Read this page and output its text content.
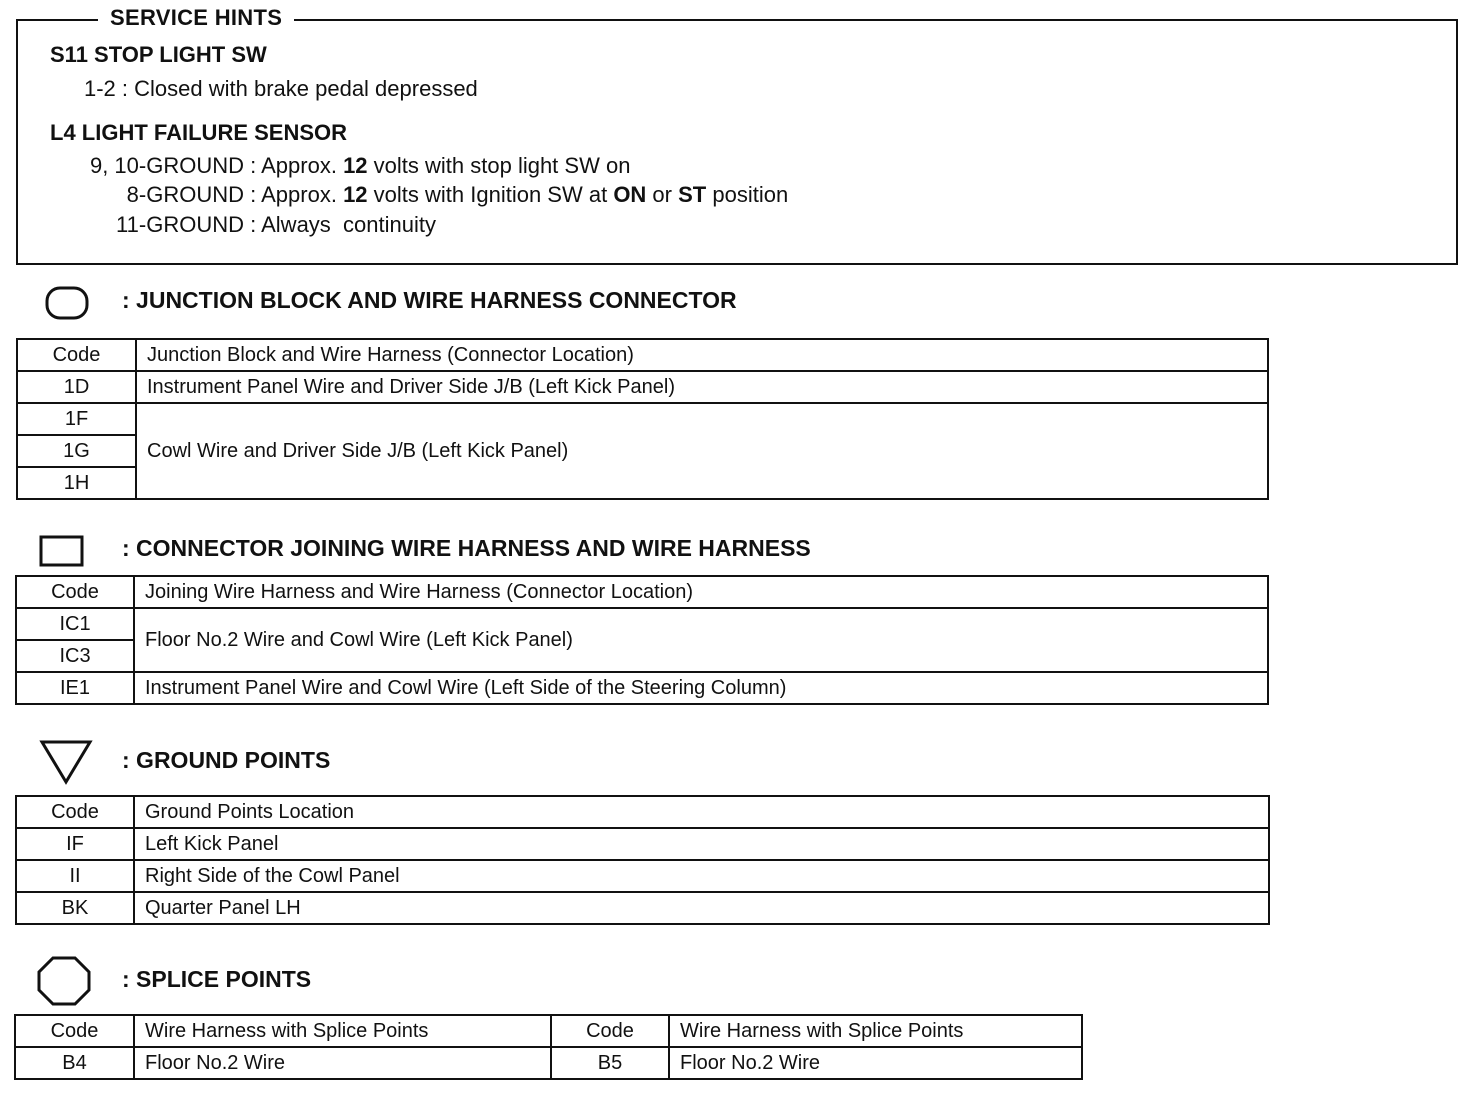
SERVICE HINTS
S11 STOP LIGHT SW
1-2 : Closed with brake pedal depressed
L4 LIGHT FAILURE SENSOR
9, 10-GROUND : Approx. 12 volts with stop light SW on
8-GROUND : Approx. 12 volts with Ignition SW at ON or ST position
11-GROUND : Always  continuity
: JUNCTION BLOCK AND WIRE HARNESS CONNECTOR
Code	Junction Block and Wire Harness (Connector Location)
1D	Instrument Panel Wire and Driver Side J/B (Left Kick Panel)
1F	Cowl Wire and Driver Side J/B (Left Kick Panel)
1G	
1H	
: CONNECTOR JOINING WIRE HARNESS AND WIRE HARNESS
Code	Joining Wire Harness and Wire Harness (Connector Location)
IC1	Floor No.2 Wire and Cowl Wire (Left Kick Panel)
IC3	
IE1	Instrument Panel Wire and Cowl Wire (Left Side of the Steering Column)
: GROUND POINTS
Code	Ground Points Location
IF	Left Kick Panel
II	Right Side of the Cowl Panel
BK	Quarter Panel LH
: SPLICE POINTS
Code	Wire Harness with Splice Points	Code	Wire Harness with Splice Points
B4	Floor No.2 Wire	B5	Floor No.2 Wire
